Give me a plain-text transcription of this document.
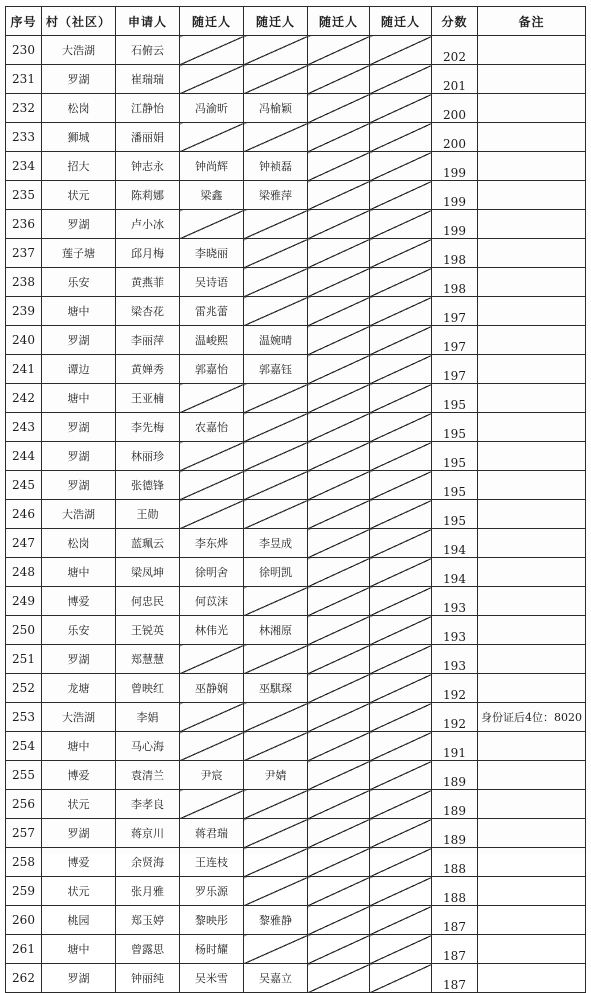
序号	村（社区）	申请人	随迁人	随迁人	随迁人	随迁人	分数	备注
230	大浩湖	石俯云					202	
231	罗湖	崔瑞瑞					201	
232	松岗	江静怡	冯渝昕	冯榆颖			200	
233	狮城	潘丽娟					200	
234	招大	钟志永	钟尚辉	钟祯磊			199	
235	状元	陈莉娜	梁鑫	梁雅萍			199	
236	罗湖	卢小冰					199	
237	莲子塘	邱月梅	李晓丽				198	
238	乐安	黄燕菲	吴诗语				198	
239	塘中	梁杏花	雷兆蕾				197	
240	罗湖	李丽萍	温峻熙	温婉晴			197	
241	谭边	黄婵秀	郭嘉怡	郭嘉钰			197	
242	塘中	王亚楠					195	
243	罗湖	李先梅	农嘉怡				195	
244	罗湖	林丽珍					195	
245	罗湖	张德锋					195	
246	大浩湖	王勋					195	
247	松岗	蓝珮云	李东烨	李昱成			194	
248	塘中	梁凤坤	徐明舍	徐明凯			194	
249	博爱	何忠民	何苡沫				193	
250	乐安	王锐英	林伟光	林湘原			193	
251	罗湖	郑慧慧					193	
252	龙塘	曾映红	巫静娴	巫騏琛			192	
253	大浩湖	李娟					192	身份证后4位：8020
254	塘中	马心海					191	
255	博爱	袁清兰	尹宸	尹婧			189	
256	状元	李孝良					189	
257	罗湖	蒋京川	蒋君瑞				189	
258	博爱	余贤海	王连枝				188	
259	状元	张月雅	罗乐源				188	
260	桃园	郑玉婷	黎映彤	黎雅静			187	
261	塘中	曾露思	杨时耀				187	
262	罗湖	钟丽纯	吴米雪	吴嘉立			187	
